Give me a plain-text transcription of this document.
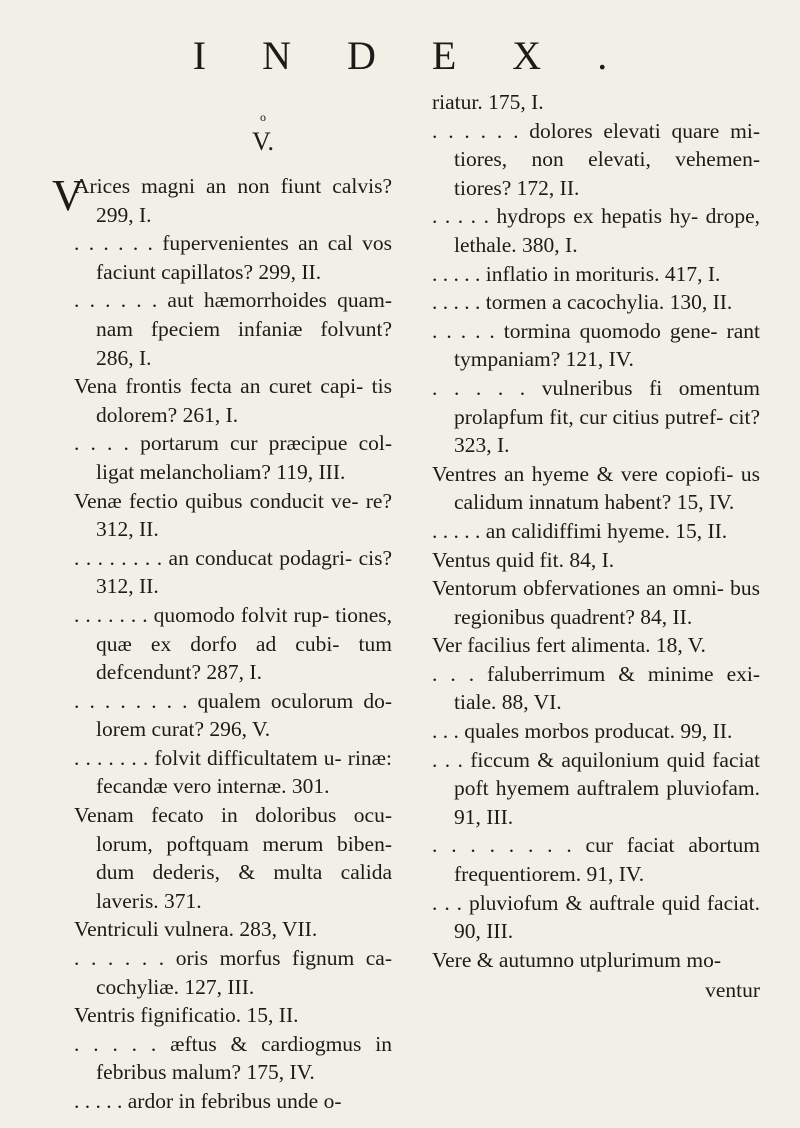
INDEX.
o
V.
V
Arices magni an non fiunt calvis? 299, I.
. . . . . . fupervenientes an cal vos faciunt capillatos? 299, II.
. . . . . . aut hæmorrhoides quam- nam fpeciem infaniæ folvunt? 286, I.
Vena frontis fecta an curet capi- tis dolorem? 261, I.
. . . . portarum cur præcipue col- ligat melancholiam? 119, III.
Venæ fectio quibus conducit ve- re? 312, II.
. . . . . . . . an conducat podagri- cis? 312, II.
. . . . . . . quomodo folvit rup- tiones, quæ ex dorfo ad cubi- tum defcendunt? 287, I.
. . . . . . . . qualem oculorum do- lorem curat? 296, V.
. . . . . . . folvit difficultatem u- rinæ: fecandæ vero internæ. 301.
Venam fecato in doloribus ocu- lorum, poftquam merum biben- dum dederis, & multa calida laveris. 371.
Ventriculi vulnera. 283, VII.
. . . . . . oris morfus fignum ca- cochyliæ. 127, III.
Ventris fignificatio. 15, II.
. . . . . æftus & cardiogmus in febribus malum? 175, IV.
. . . . . ardor in febribus unde o-
riatur. 175, I.
. . . . . . dolores elevati quare mi- tiores, non elevati, vehemen- tiores? 172, II.
. . . . . hydrops ex hepatis hy- drope, lethale. 380, I.
. . . . . inflatio in morituris. 417, I.
. . . . . tormen a cacochylia. 130, II.
. . . . . tormina quomodo gene- rant tympaniam? 121, IV.
. . . . . vulneribus fi omentum prolapfum fit, cur citius putref- cit? 323, I.
Ventres an hyeme & vere copiofi- us calidum innatum habent? 15, IV.
. . . . . an calidiffimi hyeme. 15, II.
Ventus quid fit. 84, I.
Ventorum obfervationes an omni- bus regionibus quadrent? 84, II.
Ver facilius fert alimenta. 18, V.
. . . faluberrimum & minime exi- tiale. 88, VI.
. . . quales morbos producat. 99, II.
. . . ficcum & aquilonium quid faciat poft hyemem auftralem pluviofam. 91, III.
. . . . . . . . cur faciat abortum frequentiorem. 91, IV.
. . . pluviofum & auftrale quid faciat. 90, III.
Vere & autumno utplurimum mo-
ventur
